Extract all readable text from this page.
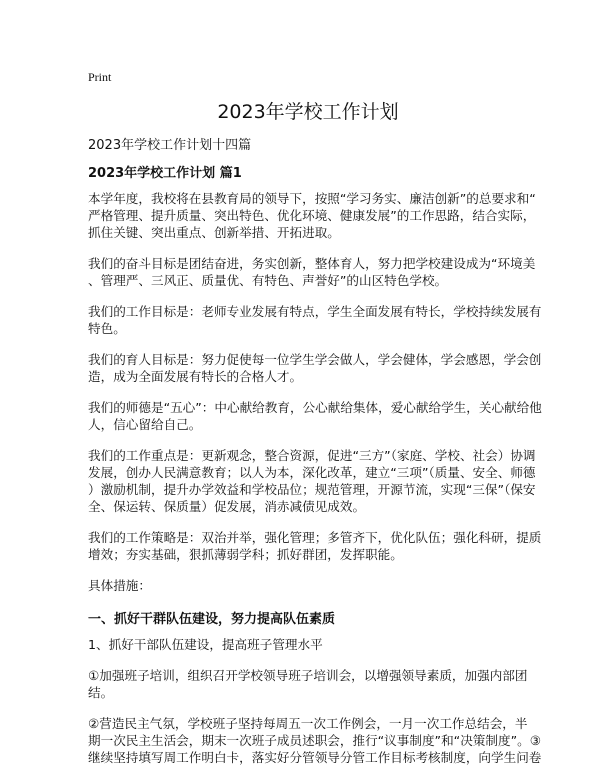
Print
2023年学校工作计划
2023年学校工作计划十四篇
2023年学校工作计划 篇1
本学年度，我校将在县教育局的领导下，按照“学习务实、廉洁创新”的总要求和“
严格管理、提升质量、突出特色、优化环境、健康发展”的工作思路，结合实际，
抓住关键、突出重点、创新举措、开拓进取。
我们的奋斗目标是团结奋进，务实创新，整体育人，努力把学校建设成为“环境美
、管理严、三风正、质量优、有特色、声誉好”的山区特色学校。
我们的工作目标是：老师专业发展有特点，学生全面发展有特长，学校持续发展有
特色。
我们的育人目标是：努力促使每一位学生学会做人，学会健体，学会感恩，学会创
造，成为全面发展有特长的合格人才。
我们的师德是“五心”：中心献给教育，公心献给集体，爱心献给学生，关心献给他
人，信心留给自己。
我们的工作重点是：更新观念，整合资源，促进“三方”（家庭、学校、社会）协调
发展，创办人民满意教育；以人为本，深化改革，建立“三项”（质量、安全、师德
）激励机制，提升办学效益和学校品位；规范管理，开源节流，实现“三保”（保安
全、保运转、保质量）促发展，消赤减债见成效。
我们的工作策略是：双治并举，强化管理；多管齐下，优化队伍；强化科研，提质
增效；夯实基础，狠抓薄弱学科；抓好群团，发挥职能。
具体措施：
一、抓好干群队伍建设，努力提高队伍素质
1、抓好干部队伍建设，提高班子管理水平
①加强班子培训，组织召开学校领导班子培训会，以增强领导素质，加强内部团
结。
②营造民主气氛，学校班子坚持每周五一次工作例会，一月一次工作总结会，半
期一次民主生活会，期末一次班子成员述职会，推行“议事制度”和“决策制度”。③
继续坚持填写周工作明白卡，落实好分管领导分管工作目标考核制度，向学生问卷
